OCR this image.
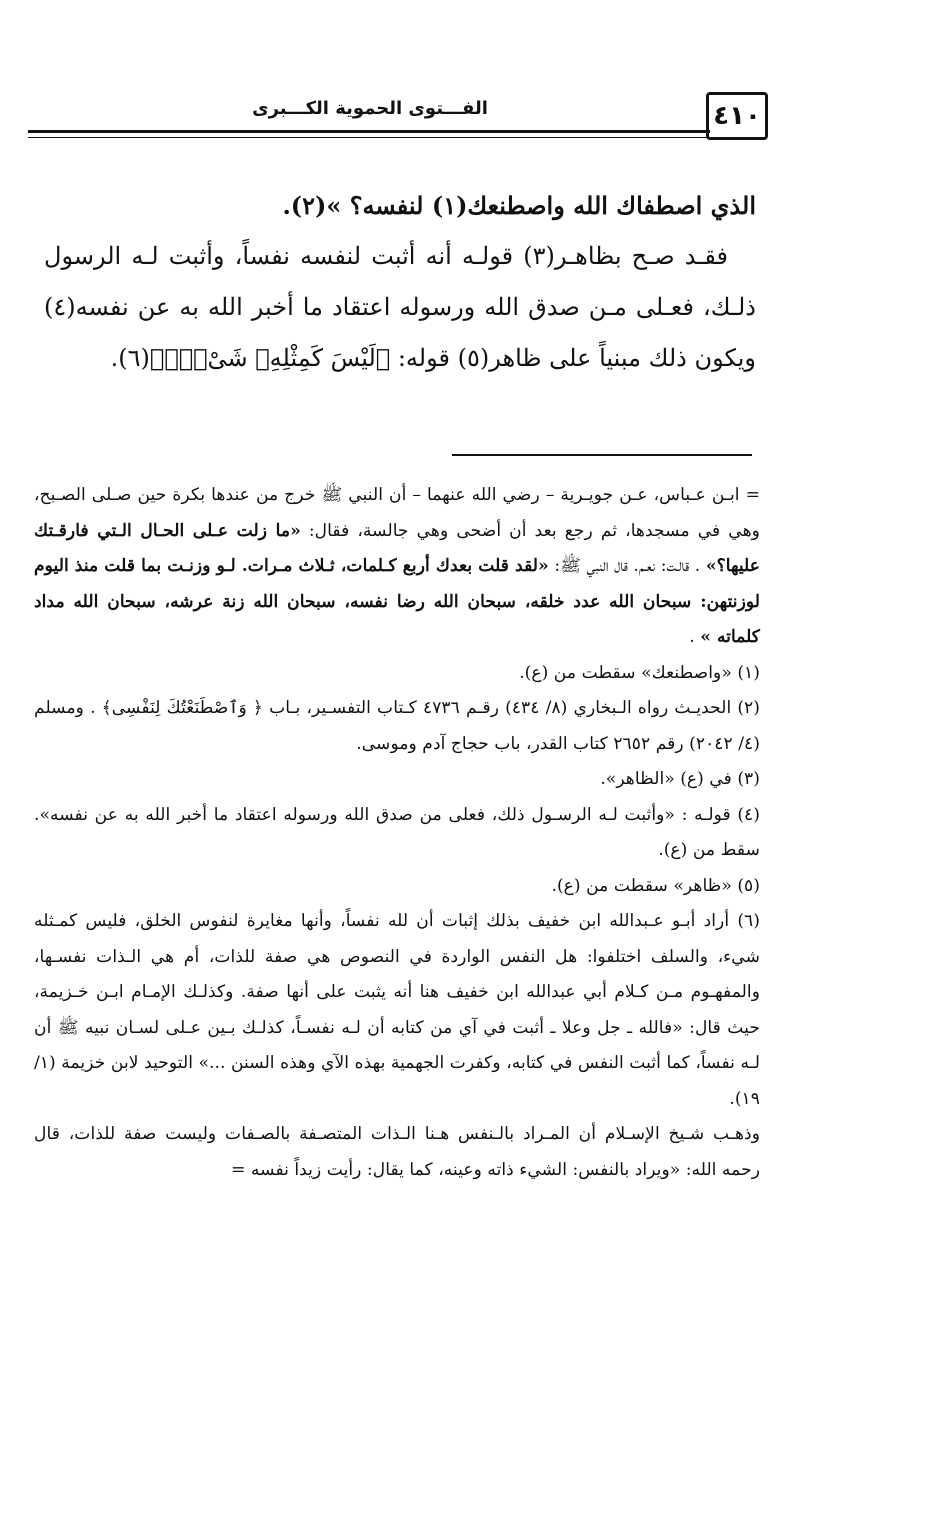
٤١٠
الفـــتوى الحموية الكـــبرى

الذي اصطفاك الله واصطنعك(١) لنفسه؟ »(٢).

فقـد صـح بظاهـر(٣) قولـه أنه أثبت لنفسه نفساً، وأثبت لـه الرسول ذلـك، فعـلى مـن صدق الله ورسوله اعتقاد ما أخبر الله به عن نفسه(٤) ويكون ذلك مبنياً على ظاهر(٥) قوله: ﴿لَيْسَ كَمِثْلِهِۦ شَىْءٌۭ﴾(٦).

= ابـن عـباس، عـن جويـرية – رضي الله عنهما – أن النبي ﷺ خرج من عندها بكرة حين صـلى الصـبح، وهي في مسجدها، ثم رجع بعد أن أضحى وهي جالسة، فقال: «ما زلت عـلى الحـال الـتي فارقـتك عليها؟» . قالـت: نعـم. قال النبي ﷺ: «لقد قلت بعدك أربع كـلمات، ثـلاث مـرات. لـو وزنـت بما قلت منذ اليوم لوزنتهن: سبحان الله عدد خلقه، سبحان الله رضا نفسه، سبحان الله زنة عرشه، سبحان الله مداد كلماته » .

(١) «واصطنعك» سقطت من (ع).

(٢) الحديـث رواه الـبخاري (٨/ ٤٣٤) رقـم ٤٧٣٦ كـتاب التفسـير، بـاب ﴿ وَٱصْطَنَعْتُكَ لِنَفْسِى﴾ . ومسلم (٤/ ٢٠٤٢) رقم ٢٦٥٢ كتاب القدر، باب حجاج آدم وموسى.

(٣) في (ع) «الظاهر».

(٤) قولـه : «وأثبت لـه الرسـول ذلك، فعلى من صدق الله ورسوله اعتقاد ما أخبر الله به عن نفسه». سقط من (ع).

(٥) «ظاهر» سقطت من (ع).

(٦) أراد أبـو عـبدالله ابن خفيف بذلك إثبات أن لله نفساً، وأنها مغايرة لنفوس الخلق، فليس كمـثله شيء، والسلف اختلفوا: هل النفس الواردة في النصوص هي صفة للذات، أم هي الـذات نفسـها، والمفهـوم مـن كـلام أبي عبدالله ابن خفيف هنا أنه يثبت على أنها صفة. وكذلـك الإمـام ابـن خـزيمة، حيث قال: «فالله ـ جل وعلا ـ أثبت في آي من كتابه أن لـه نفسـاً، كذلـك بـين عـلى لسـان نبيه ﷺ أن لـه نفساً، كما أثبت النفس في كتابه، وكفرت الجهمية بهذه الآي وهذه السنن ...» التوحيد لابن خزيمة (١/ ١٩).

وذهـب شـيخ الإسـلام أن المـراد بالـنفس هـنا الـذات المتصـفة بالصـفات وليست صفة للذات، قال رحمه الله: «ويراد بالنفس: الشيء ذاته وعينه، كما يقال: رأيت زيداً نفسه =
